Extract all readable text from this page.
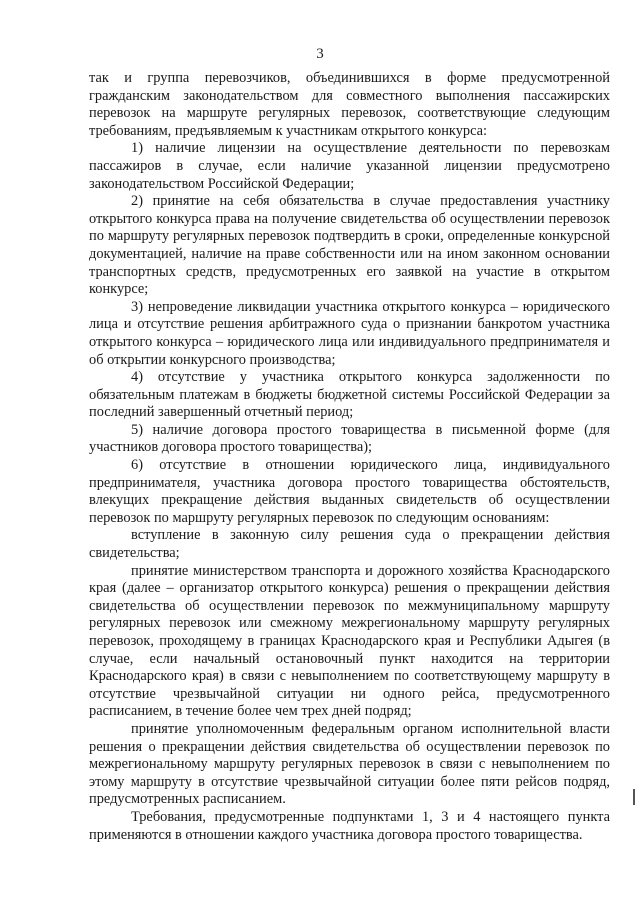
3

так и группа перевозчиков, объединившихся в форме предусмотренной гражданским законодательством для совместного выполнения пассажирских перевозок на маршруте регулярных перевозок, соответствующие следующим требованиям, предъявляемым к участникам открытого конкурса:

1) наличие лицензии на осуществление деятельности по перевозкам пассажиров в случае, если наличие указанной лицензии предусмотрено законодательством Российской Федерации;

2) принятие на себя обязательства в случае предоставления участнику открытого конкурса права на получение свидетельства об осуществлении перевозок по маршруту регулярных перевозок подтвердить в сроки, определенные конкурсной документацией, наличие на праве собственности или на ином законном основании транспортных средств, предусмотренных его заявкой на участие в открытом конкурсе;

3) непроведение ликвидации участника открытого конкурса – юридического лица и отсутствие решения арбитражного суда о признании банкротом участника открытого конкурса – юридического лица или индивидуального предпринимателя и об открытии конкурсного производства;

4) отсутствие у участника открытого конкурса задолженности по обязательным платежам в бюджеты бюджетной системы Российской Федерации за последний завершенный отчетный период;

5) наличие договора простого товарищества в письменной форме (для участников договора простого товарищества);

6) отсутствие в отношении юридического лица, индивидуального предпринимателя, участника договора простого товарищества обстоятельств, влекущих прекращение действия выданных свидетельств об осуществлении перевозок по маршруту регулярных перевозок по следующим основаниям:

вступление в законную силу решения суда о прекращении действия свидетельства;

принятие министерством транспорта и дорожного хозяйства Краснодарского края (далее – организатор открытого конкурса) решения о прекращении действия свидетельства об осуществлении перевозок по межмуниципальному маршруту регулярных перевозок или смежному межрегиональному маршруту регулярных перевозок, проходящему в границах Краснодарского края и Республики Адыгея (в случае, если начальный остановочный пункт находится на территории Краснодарского края) в связи с невыполнением по соответствующему маршруту в отсутствие чрезвычайной ситуации ни одного рейса, предусмотренного расписанием, в течение более чем трех дней подряд;

принятие уполномоченным федеральным органом исполнительной власти решения о прекращении действия свидетельства об осуществлении перевозок по межрегиональному маршруту регулярных перевозок в связи с невыполнением по этому маршруту в отсутствие чрезвычайной ситуации более пяти рейсов подряд, предусмотренных расписанием.

Требования, предусмотренные подпунктами 1, 3 и 4 настоящего пункта применяются в отношении каждого участника договора простого товарищества.
